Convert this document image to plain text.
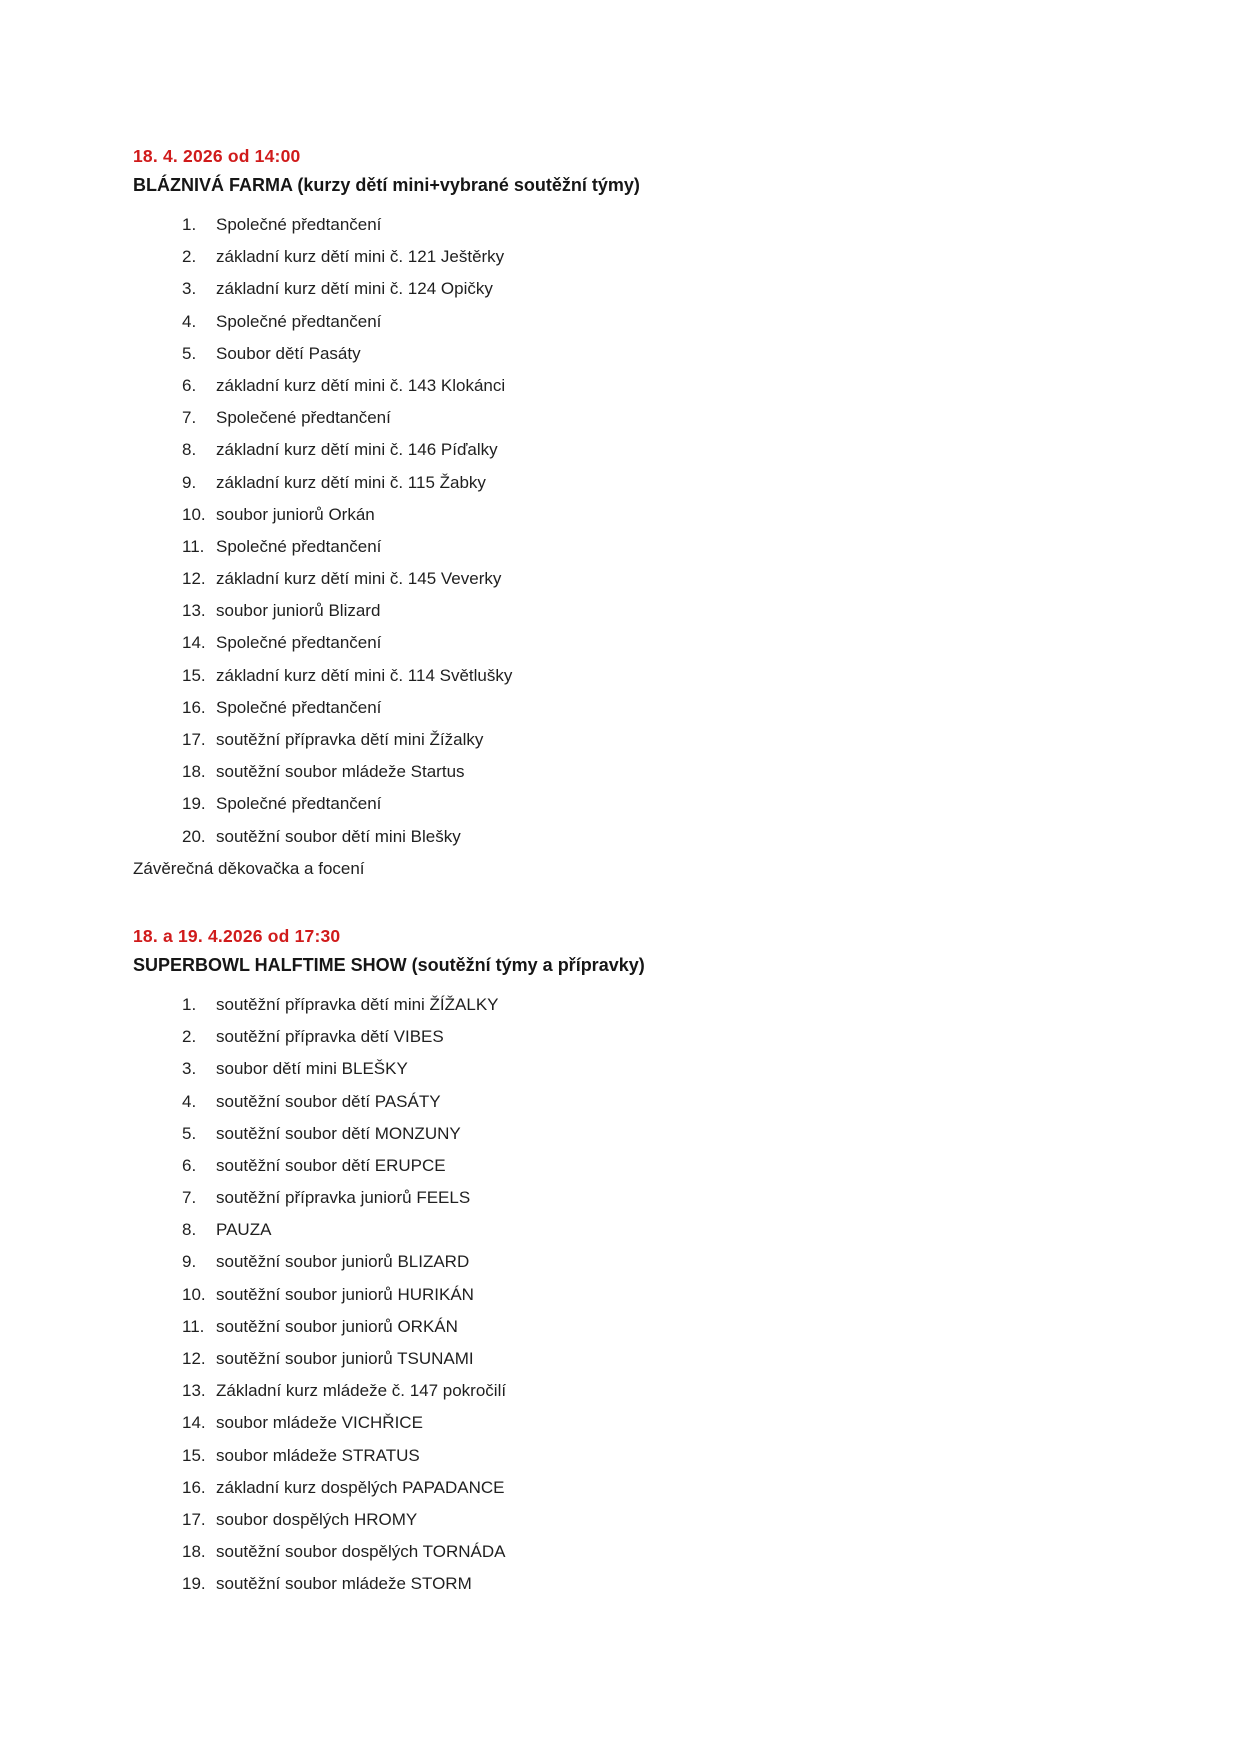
18. 4. 2026 od 14:00

BLÁZNIVÁ FARMA (kurzy dětí mini+vybrané soutěžní týmy)

1.	Společné předtančení
2.	základní kurz dětí mini č. 121 Ještěrky
3.	základní kurz dětí mini č. 124 Opičky
4.	Společné předtančení
5.	Soubor dětí Pasáty
6.	základní kurz dětí mini č. 143 Klokánci
7.	Společené předtančení
8.	základní kurz dětí mini č. 146 Píďalky
9.	základní kurz dětí mini č. 115 Žabky
10. soubor juniorů Orkán
11. Společné předtančení
12. základní kurz dětí mini č. 145 Veverky
13. soubor juniorů Blizard
14. Společné předtančení
15. základní kurz dětí mini č. 114 Světlušky
16. Společné předtančení
17. soutěžní přípravka dětí mini Žížalky
18. soutěžní soubor mládeže Startus
19. Společné předtančení
20. soutěžní soubor dětí mini Blešky

Závěrečná děkovačka a focení

18. a 19. 4.2026 od 17:30

SUPERBOWL HALFTIME SHOW (soutěžní týmy a přípravky)

1.	soutěžní přípravka dětí mini ŽÍŽALKY
2.	soutěžní přípravka dětí VIBES
3.	soubor dětí mini BLEŠKY
4.	soutěžní soubor dětí PASÁTY
5.	soutěžní soubor dětí MONZUNY
6.	soutěžní soubor dětí ERUPCE
7.	soutěžní přípravka juniorů FEELS
8.	PAUZA
9.	soutěžní soubor juniorů BLIZARD
10. soutěžní soubor juniorů HURIKÁN
11. soutěžní soubor juniorů ORKÁN
12. soutěžní soubor juniorů TSUNAMI
13. Základní kurz mládeže č. 147 pokročilí
14. soubor mládeže VICHŘICE
15. soubor mládeže STRATUS
16. základní kurz dospělých PAPADANCE
17. soubor dospělých HROMY
18. soutěžní soubor dospělých TORNÁDA
19. soutěžní soubor mládeže STORM
